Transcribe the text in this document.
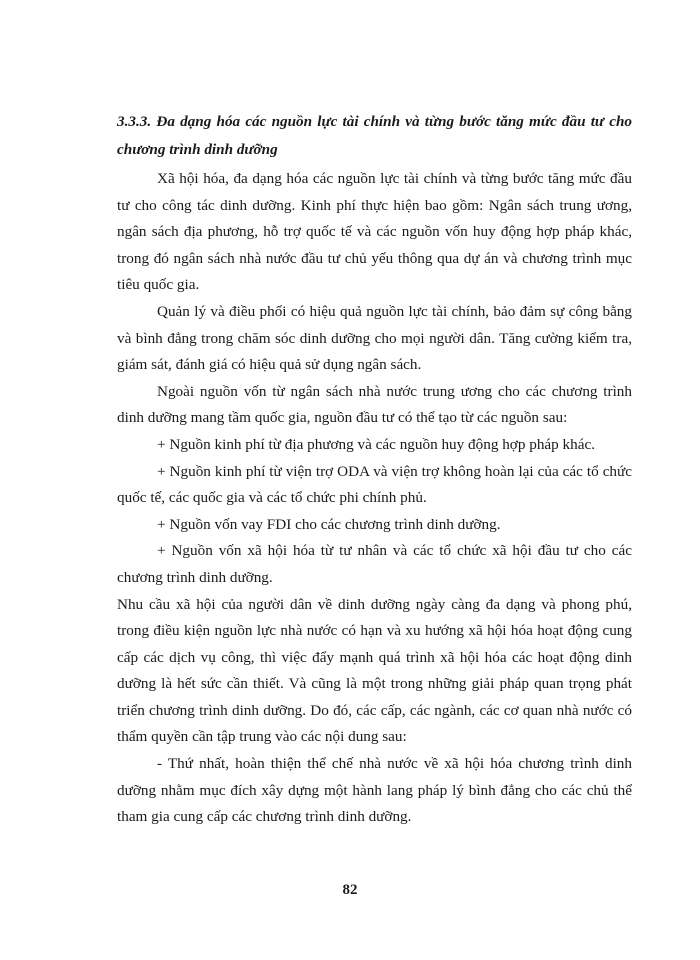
3.3.3. Đa dạng hóa các nguồn lực tài chính và từng bước tăng mức đầu tư cho chương trình dinh dưỡng

Xã hội hóa, đa dạng hóa các nguồn lực tài chính và từng bước tăng mức đầu tư cho công tác dinh dưỡng. Kinh phí thực hiện bao gồm: Ngân sách trung ương, ngân sách địa phương, hỗ trợ quốc tế và các nguồn vốn huy động hợp pháp khác, trong đó ngân sách nhà nước đầu tư chủ yếu thông qua dự án và chương trình mục tiêu quốc gia.

Quản lý và điều phối có hiệu quả nguồn lực tài chính, bảo đảm sự công bằng và bình đẳng trong chăm sóc dinh dưỡng cho mọi người dân. Tăng cường kiểm tra, giám sát, đánh giá có hiệu quả sử dụng ngân sách.

Ngoài nguồn vốn từ ngân sách nhà nước trung ương cho các chương trình dinh dưỡng mang tầm quốc gia, nguồn đầu tư có thể tạo từ các nguồn sau:

+ Nguồn kinh phí từ địa phương và các nguồn huy động hợp pháp khác.

+ Nguồn kinh phí từ viện trợ ODA và viện trợ không hoàn lại của các tổ chức quốc tế, các quốc gia và các tổ chức phi chính phủ.

+ Nguồn vốn vay FDI cho các chương trình dinh dưỡng.

+ Nguồn vốn xã hội hóa từ tư nhân và các tổ chức xã hội đầu tư cho các chương trình dinh dưỡng.

Nhu cầu xã hội của người dân về dinh dưỡng ngày càng đa dạng và phong phú, trong điều kiện nguồn lực nhà nước có hạn và xu hướng xã hội hóa hoạt động cung cấp các dịch vụ công, thì việc đẩy mạnh quá trình xã hội hóa các hoạt động dinh dưỡng là hết sức cần thiết. Và cũng là một trong những giải pháp quan trọng phát triển chương trình dinh dưỡng. Do đó, các cấp, các ngành, các cơ quan nhà nước có thẩm quyền cần tập trung vào các nội dung sau:

- Thứ nhất, hoàn thiện thể chế nhà nước về xã hội hóa chương trình dinh dưỡng nhằm mục đích xây dựng một hành lang pháp lý bình đẳng cho các chủ thể tham gia cung cấp các chương trình dinh dưỡng.

82
